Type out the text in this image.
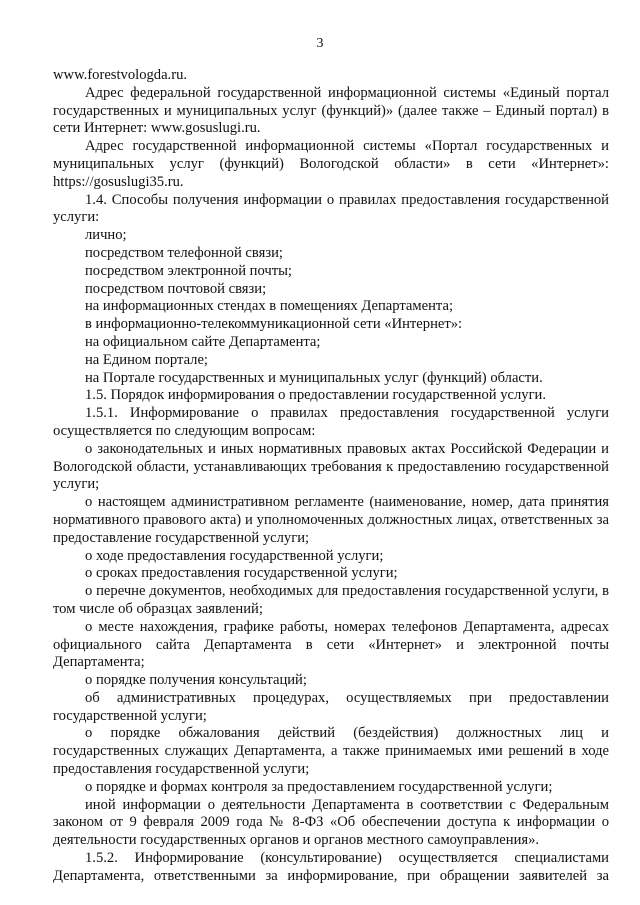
3

www.forestvologda.ru.

Адрес федеральной государственной информационной системы «Единый портал государственных и муниципальных услуг (функций)» (далее также – Единый портал) в сети Интернет: www.gosuslugi.ru.

Адрес государственной информационной системы «Портал государственных и муниципальных услуг (функций) Вологодской области» в сети «Интернет»: https://gosuslugi35.ru.

1.4. Способы получения информации о правилах предоставления государственной услуги:

лично;

посредством телефонной связи;

посредством электронной почты;

посредством почтовой связи;

на информационных стендах в помещениях Департамента;

в информационно-телекоммуникационной сети «Интернет»:

на официальном сайте Департамента;

на Едином портале;

на Портале государственных и муниципальных услуг (функций) области.

1.5. Порядок информирования о предоставлении государственной услуги.

1.5.1. Информирование о правилах предоставления государственной услуги осуществляется по следующим вопросам:

о законодательных и иных нормативных правовых актах Российской Федерации и Вологодской области, устанавливающих требования к предоставлению государственной услуги;

о настоящем административном регламенте (наименование, номер, дата принятия нормативного правового акта) и уполномоченных должностных лицах, ответственных за предоставление государственной услуги;

о ходе предоставления государственной услуги;

о сроках предоставления государственной услуги;

о перечне документов, необходимых для предоставления государственной услуги, в том числе об образцах заявлений;

о месте нахождения, графике работы, номерах телефонов Департамента, адресах официального сайта Департамента в сети «Интернет» и электронной почты Департамента;

о порядке получения консультаций;

об административных процедурах, осуществляемых при предоставлении государственной услуги;

о порядке обжалования действий (бездействия) должностных лиц и государственных служащих Департамента, а также принимаемых ими решений в ходе предоставления государственной услуги;

о порядке и формах контроля за предоставлением государственной услуги;

иной информации о деятельности Департамента в соответствии с Федеральным законом от 9 февраля 2009 года № 8-ФЗ «Об обеспечении доступа к информации о деятельности государственных органов и органов местного самоуправления».

1.5.2. Информирование (консультирование) осуществляется специалистами Департамента, ответственными за информирование, при обращении заявителей за
